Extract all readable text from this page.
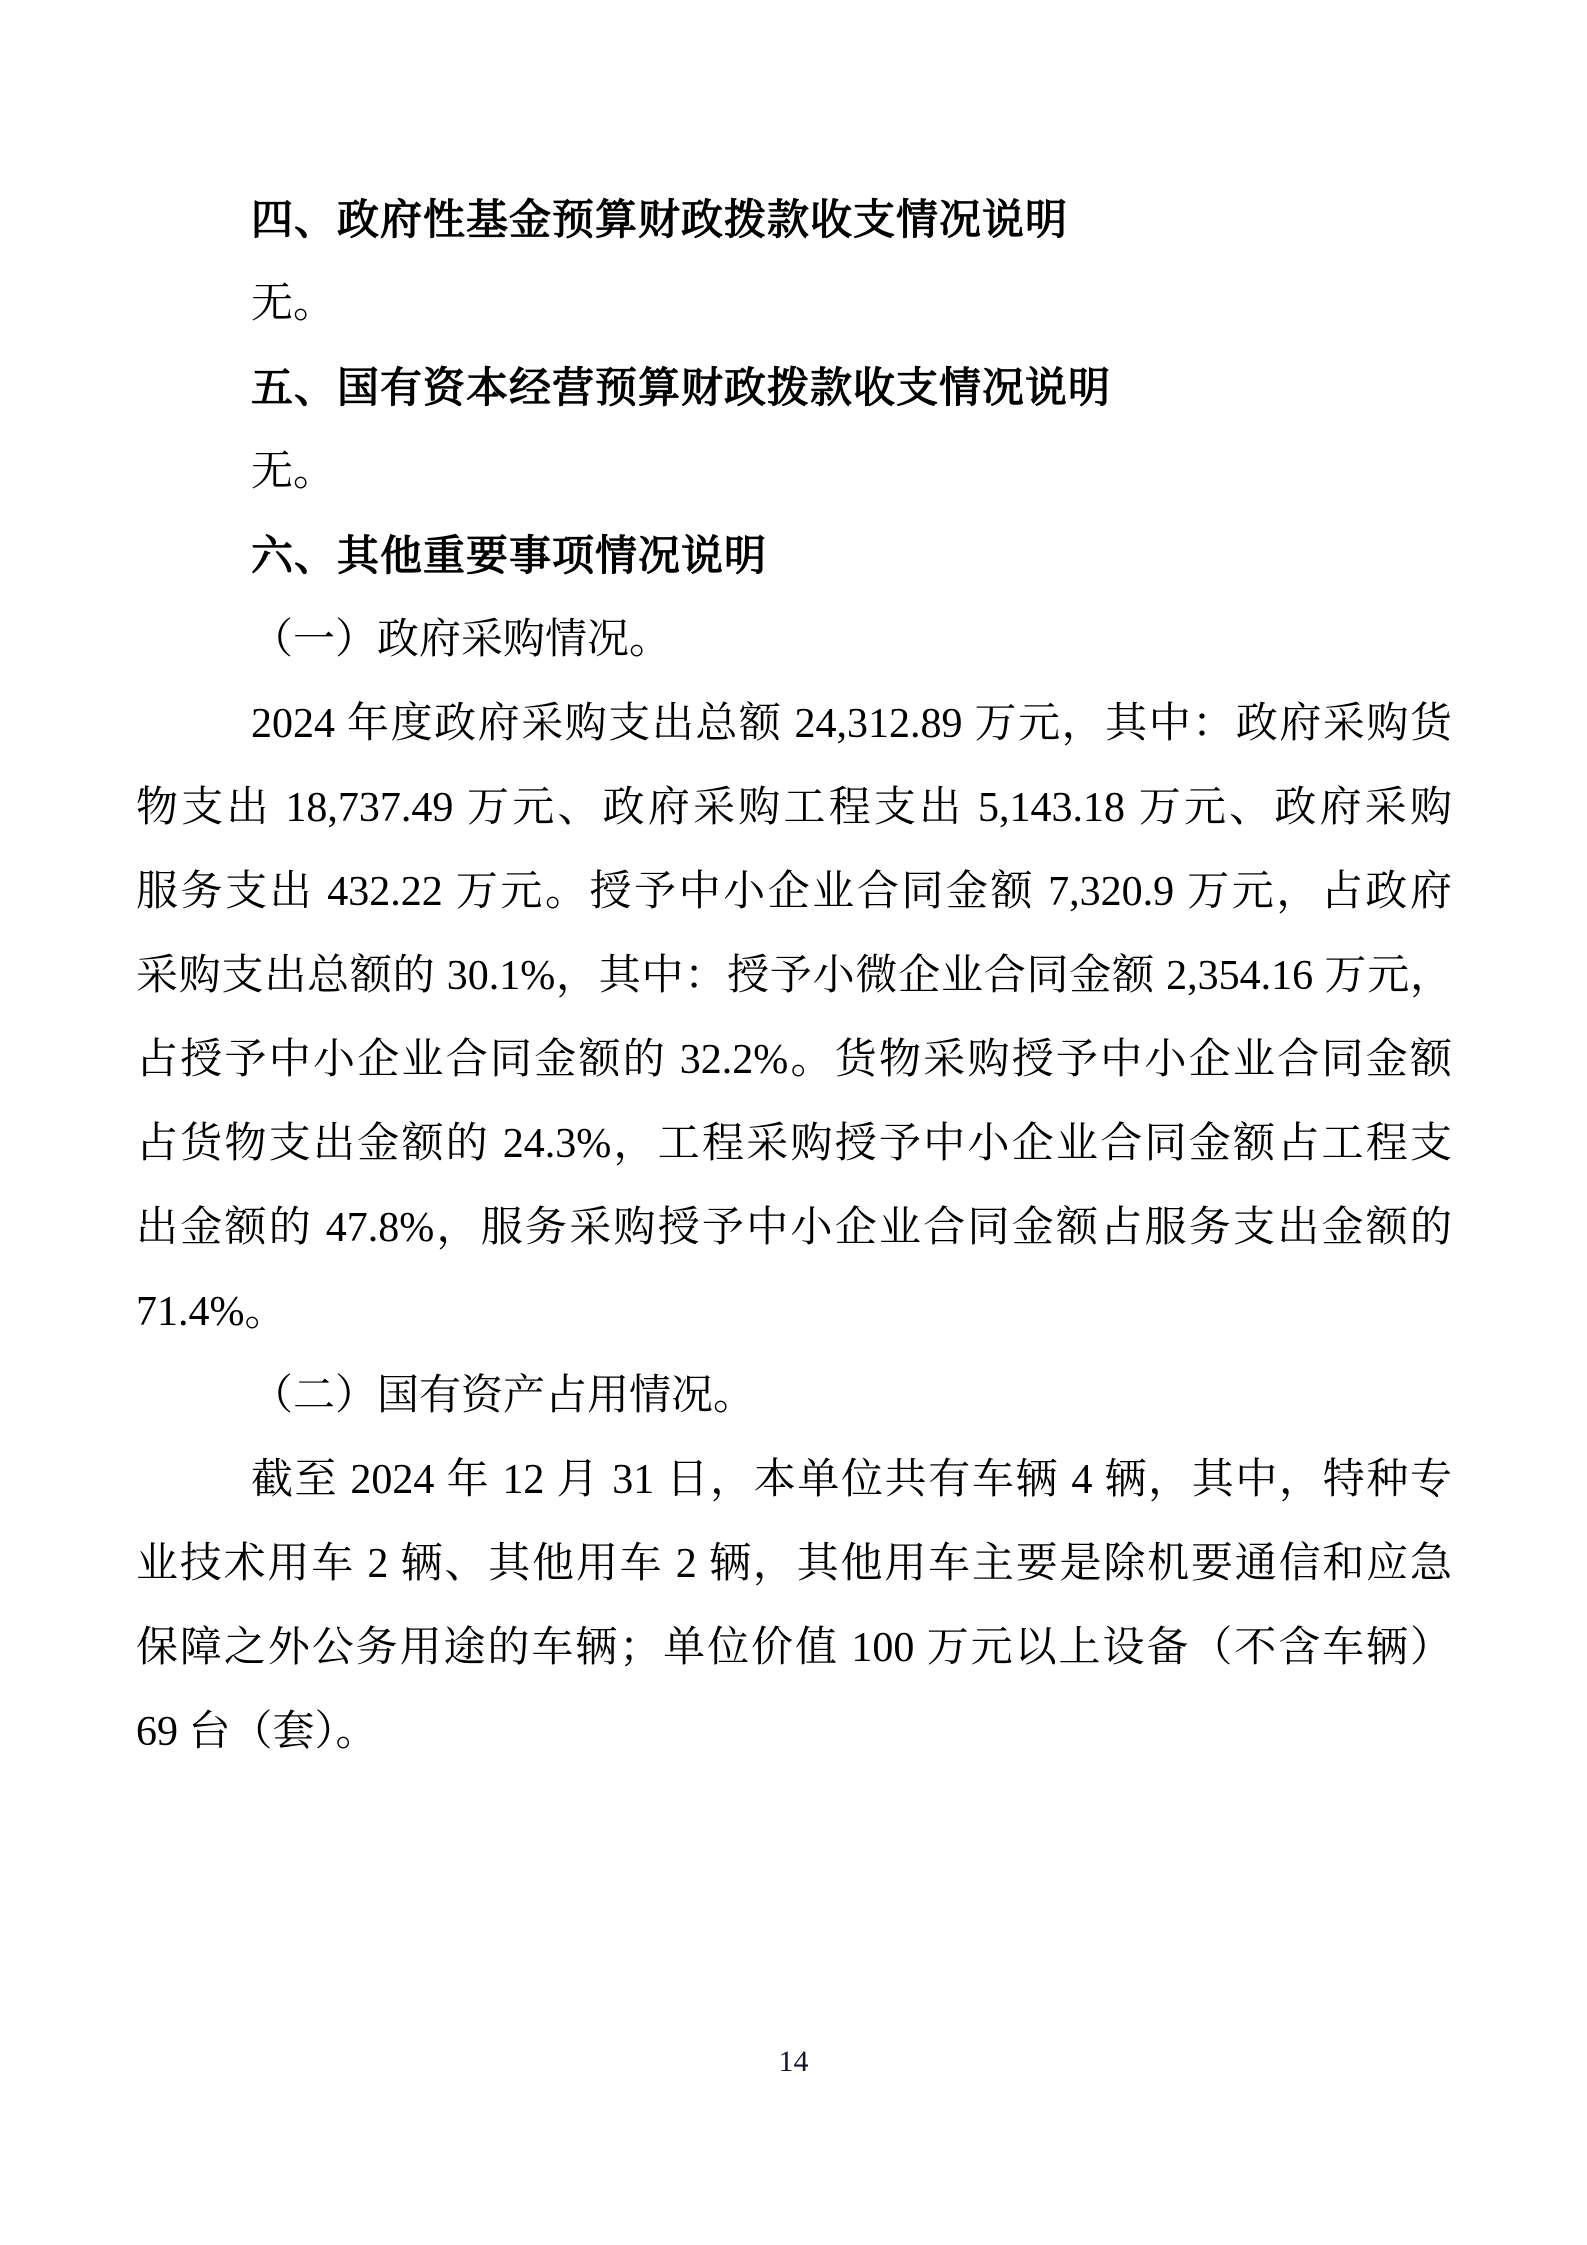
四、政府性基金预算财政拨款收支情况说明
无。
五、国有资本经营预算财政拨款收支情况说明
无。
六、其他重要事项情况说明
（一）政府采购情况。
2024 年度政府采购支出总额 24,312.89 万元，其中：政府采购货
物支出 18,737.49 万元、政府采购工程支出 5,143.18 万元、政府采购
服务支出 432.22 万元。授予中小企业合同金额 7,320.9 万元，占政府
采购支出总额的 30.1%，其中：授予小微企业合同金额 2,354.16 万元，
占授予中小企业合同金额的 32.2%。货物采购授予中小企业合同金额
占货物支出金额的 24.3%，工程采购授予中小企业合同金额占工程支
出金额的 47.8%，服务采购授予中小企业合同金额占服务支出金额的
71.4%。
（二）国有资产占用情况。
截至 2024 年 12 月 31 日，本单位共有车辆 4 辆，其中，特种专
业技术用车 2 辆、其他用车 2 辆，其他用车主要是除机要通信和应急
保障之外公务用途的车辆；单位价值 100 万元以上设备（不含车辆）
69 台（套）。
14
